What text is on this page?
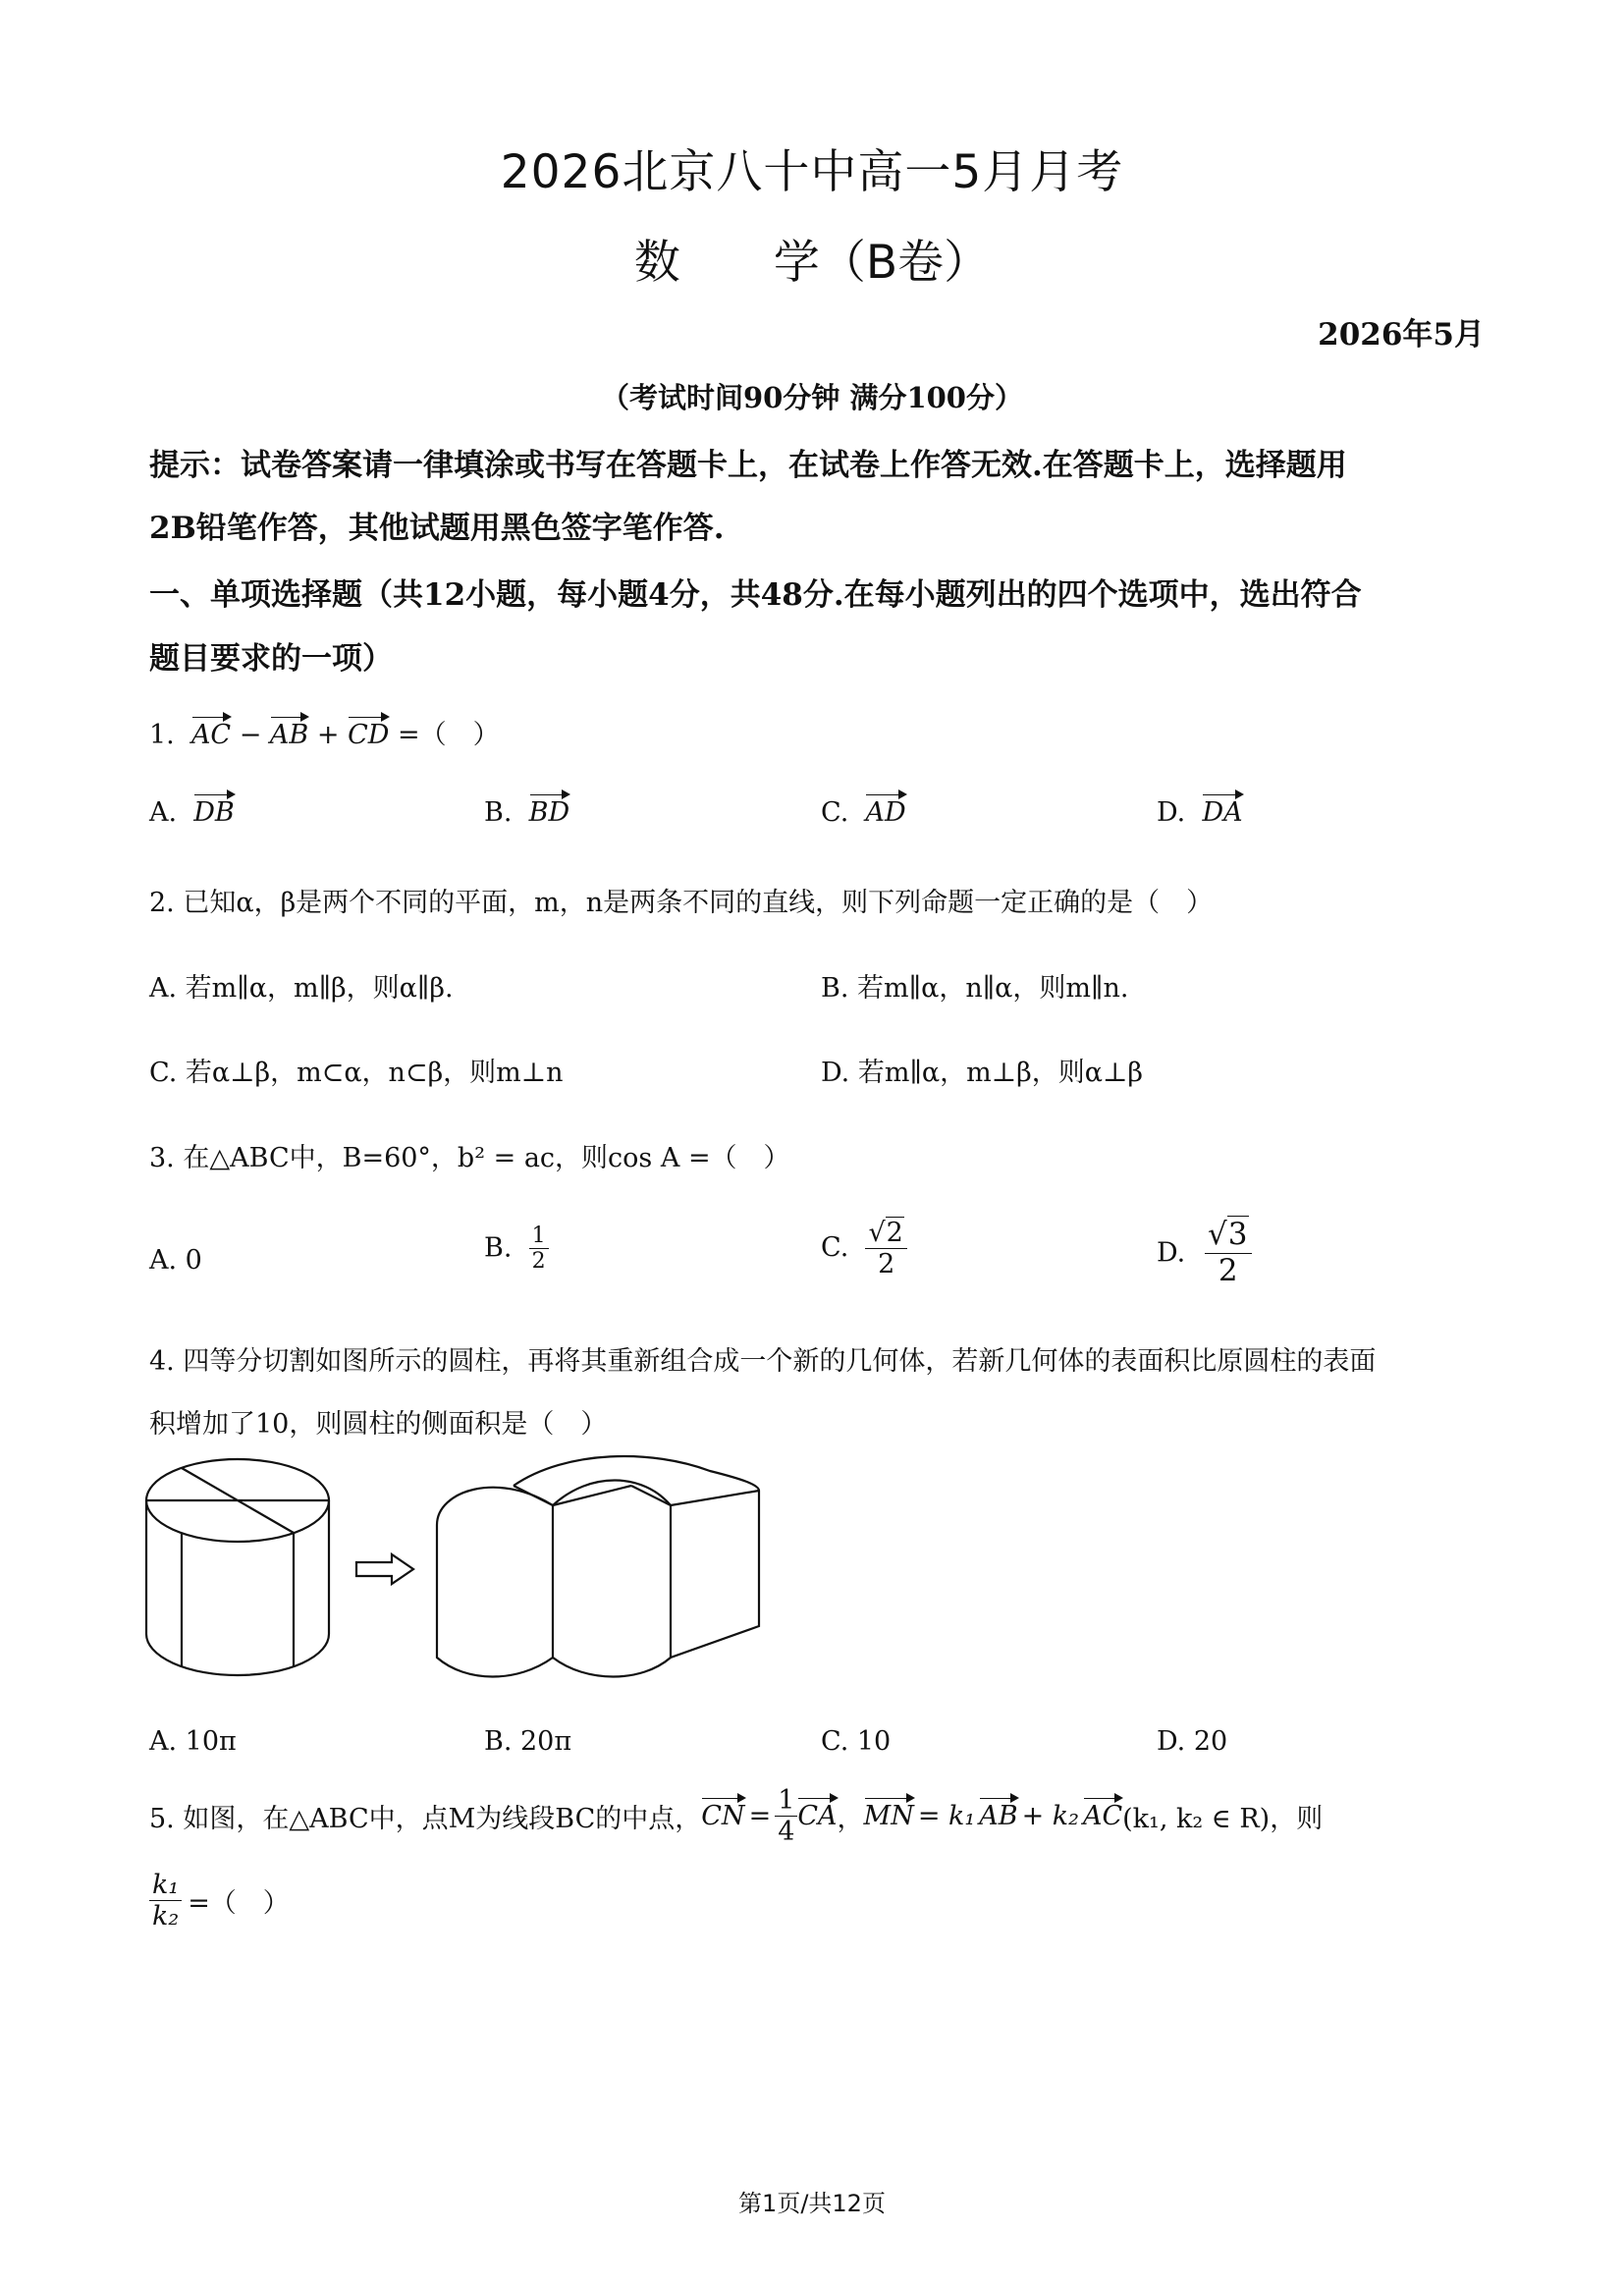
2026北京八十中高一5月月考
数 学（B卷）
2026年5月
（考试时间90分钟 满分100分）
提示：试卷答案请一律填涂或书写在答题卡上，在试卷上作答无效.在答题卡上，选择题用
2B铅笔作答，其他试题用黑色签字笔作答.
一、单项选择题（共12小题，每小题4分，共48分.在每小题列出的四个选项中，选出符合
题目要求的一项）
1. AC − AB + CD =（　）
A. DB	B. BD	C. AD	D. DA
2. 已知α，β是两个不同的平面，m，n是两条不同的直线，则下列命题一定正确的是（　）
A. 若m∥α，m∥β，则α∥β.	B. 若m∥α，n∥α，则m∥n.
C. 若α⊥β，m⊂α，n⊂β，则m⊥n	D. 若m∥α，m⊥β，则α⊥β
3. 在△ABC中，B=60°，b² = ac，则cos A =（　）
A. 0	B. $\frac{1}{2}$	C. $\frac{√2}{2}$	D. $\frac{√3}{2}$
4. 四等分切割如图所示的圆柱，再将其重新组合成一个新的几何体，若新几何体的表面积比原圆柱的表面
积增加了10，则圆柱的侧面积是（　）
A. 10π	B. 20π	C. 10	D. 20
5. 如图，在△ABC中，点M为线段BC的中点， CN = $\frac{1}{4}$ CA ， MN = k₁ AB + k₂ AC (k₁, k₂ ∈ R)，则
$\frac{\text{k₁}}{\text{k₂}}$ =（　）
第1页/共12页
